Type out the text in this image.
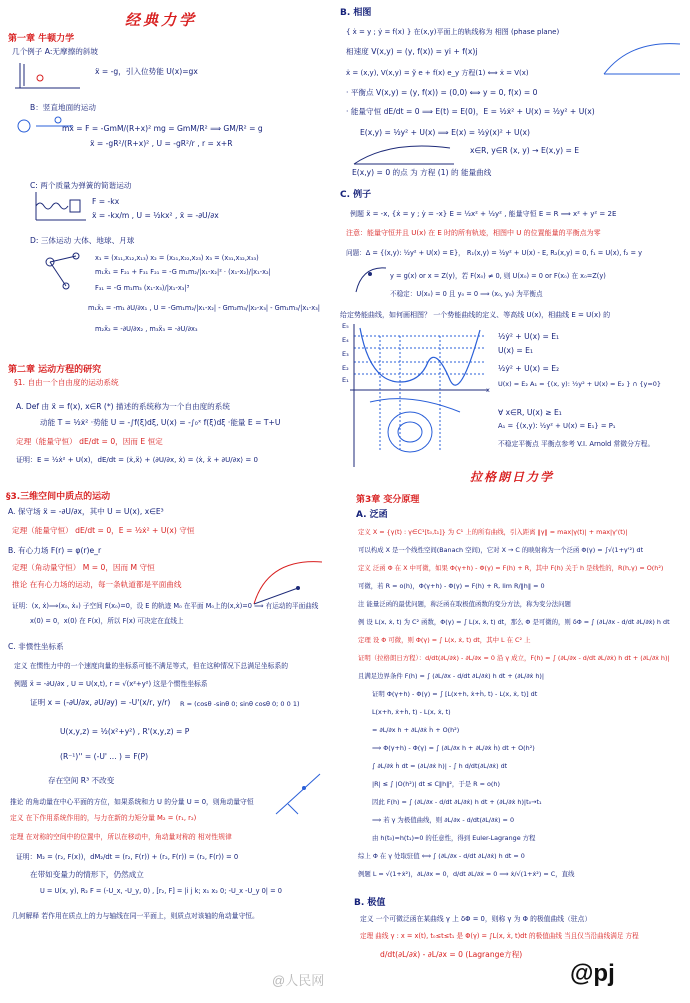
经典力学
第一章 牛顿力学
几个例子 A:无摩擦的斜坡
ẍ = -g，引入位势能 U(x)=gx
B：竖直地面的运动
mẍ = F = -GmM/(R+x)² mg = GmM/R² ⟹ GM/R² = g
ẍ = -gR²/(R+x)² , U = -gR²/r , r = x+R
C: 两个质量为弹簧的简谐运动
F = -kx
ẍ = -kx/m , U = ½kx² , ẍ = -∂U/∂x
D: 三体运动 大体、地球、月球
x₁ = (x₁₁,x₁₂,x₁₃) x₂ = (x₂₁,x₂₂,x₂₃) x₃ = (x₃₁,x₃₂,x₃₃)
m₁ẍ₁ = F₂₁ + F₃₁ F₂₁ = -G m₁m₂/|x₁-x₂|² · (x₁-x₂)/|x₁-x₂|
F₃₁ = -G m₁m₃ (x₁-x₃)/|x₁-x₃|³
m₁ẍ₁ = -m₁ ∂U/∂x₁ , U = -Gm₁m₂/|x₁-x₂| - Gm₂m₃/|x₂-x₃| - Gm₁m₃/|x₁-x₃|
m₂ẍ₂ = -∂U/∂x₂ , m₃ẍ₃ = -∂U/∂x₃
第二章 运动方程的研究
§1. 自由一个自由度的运动系统
A. Def 由 ẍ = f(x), x∈R (*) 描述的系统称为一个自由度的系统
动能 T = ½ẋ² ·势能 U = -∫f(ξ)dξ, U(x) = -∫₀ˣ f(ξ)dξ ·能量 E = T+U
定理（能量守恒） dE/dt = 0，因而 E 恒定
证明：E = ½ẋ² + U(x)，dE/dt = ⟨ẋ,ẍ⟩ + ⟨∂U/∂x, ẋ⟩ = ⟨ẋ, ẍ + ∂U/∂x⟩ = 0
§3.三维空间中质点的运动
A. 保守场 ẍ = -∂U/∂x，其中 U = U(x), x∈E³
定理（能量守恒） dE/dt = 0，E = ½ẋ² + U(x) 守恒
B. 有心力场 F(r) = φ(r)e_r
定理（角动量守恒） M = 0，因而 M 守恒
推论 在有心力场的运动，每一条轨道都是平面曲线
证明：(x, ẋ)⟹(x₀, ẋ₀) 子空间 F(x₀)=0，设 E 的轨迹 M₀ 在平面 M₀上的(x,ẋ)=0 ⟹ 有运动的平面曲线
x(0) = 0，x(0) 在 F(x)，所以 F(x) 可决定在直线上
C. 非惯性坐标系
定义 在惯性力中的一个速度向量的坐标系可能不满足等式，但在这种情况下总满足坐标系的
例题 ẍ = -∂U/∂x , U = U(x,t), r = √(x²+y²) 这是个惯性坐标系
证明 x = (-∂U/∂x, ∂U/∂y) = -U'(x/r, y/r) R = (cosθ -sinθ 0; sinθ cosθ 0; 0 0 1)
U(x,y,z) = ½(x²+y²) , R'(x,y,z) = P
(R⁻¹)'' = (-U' ... ) = F(P)
存在空间 R³ 不改变
推论 的角动量在中心平面的方位，如果系统和力 U 的分量 U = 0，则角动量守恒
定义 在下作用系统作用的，与力在新的力矩分量 M₂ = (r₁, r₂)
定理 在对称的空间中的位置中，所以在移动中，角动量对称的 相对性规律
证明：M₂ = (r₂, F(x))，dM₂/dt = (r₂, F(r)) + (r₂, F(r)) = (r₂, F(r)) = 0
在带如变量力的情形下，仍然成立
U = U(x, y), R₂ F = (-U_x, -U_y, 0) , [r₂, F] = |i j k; x₁ x₂ 0; -U_x -U_y 0| = 0
几何解释 若作用在质点上的力与轴线在同一平面上，则质点对该轴的角动量守恒。
B. 相图
{ ẋ = y ; ẏ = f(x) } 在(x,y)平面上的轨线称为 相图 (phase plane)
相速度 V(x,y) = (y, f(x)) = yi + f(x)j
ẋ = (x,y), V(x,y) = ỹ e + f(x) e_y 方程(1) ⟺ ẋ = V(x)
· 平衡点 V(x,y) = (y, f(x)) = (0,0) ⟺ y = 0, f(x) = 0
· 能量守恒 dE/dt = 0 ⟹ E(t) = E(0)，E = ½ẋ² + U(x) = ½y² + U(x)
E(x,y) = ½y² + U(x) ⟹ E(x) = ½ẏ(x)² + U(x)
x∈R, y∈R (x, y) → E(x,y) = E
E(x,y) = 0 的点 为 方程 (1) 的 能量曲线
C. 例子
例题 ẍ = -x, {ẋ = y ; ẏ = -x} E = ½x² + ½y² , 能量守恒 E = R ⟹ x² + y² = 2E
注意：能量守恒并且 U(x) 在 E 时的所有轨迹，相图中 U 的位置能量的平衡点为零
问题：Δ = {(x,y): ½y² + U(x) = E}， R₁(x,y) = ½y² + U(x) - E, R₂(x,y) = 0, f₁ = U(x), f₂ = y
y = g(x) or x = Z(y)，若 F(x₀) ≠ 0, 则 U(x₀) = 0 or F(x₀) 在 x₀=Z(y)
不稳定：U(x₀) = 0 且 y₀ = 0 ⟹ (x₀, y₀) 为平衡点
给定势能曲线，如何画相图？ 一个势能曲线的定义、等高线 U(x)，相曲线 E = U(x) 的
E₅
E₄
E₃
E₂
E₁
x
½ẏ² + U(x) = E₁
U(x) = E₁
½ẏ² + U(x) = E₂
U(x) = E₂ A₁ = {(x, y): ½y² + U(x) = E₂ } ∩ {y=0}
∀ x∈R, U(x) ≥ E₁
A₁ = {(x,y): ½y² + U(x) = E₁} = P₁
不稳定平衡点 平衡点参考 V.I. Arnold 常微分方程。
拉格朗日力学
第3章 变分原理
A. 泛函
定义 X = {γ(t) : γ∈C¹[t₀,t₁]} 为 C¹ 上的所有曲线，引入距离 ‖γ‖ = max|γ(t)| + max|γ'(t)|
可以构成 X 是一个线性空间(Banach 空间)，它对 X → C 的映射称为一个泛函 Φ(γ) = ∫√(1+γ'²) dt
定义 泛函 Φ 在 X 中可微，如果 Φ(γ+h) - Φ(γ) = F(h) + R，其中 F(h) 关于 h 是线性的，R(h,γ) = O(h²)
可微，若 R = o(h)，Φ(γ+h) - Φ(γ) = F(h) + R, lim R/‖h‖ = 0
注 能量泛函的最优问题，称泛函在取极值函数的变分方法，称为变分法问题
例 设 L(x, ẋ, t) 为 C² 函数，Φ(γ) = ∫ L(x, ẋ, t) dt，那么 Φ 是可微的，则 δΦ = ∫ (∂L/∂x - d/dt ∂L/∂ẋ) h dt
定理 设 Φ 可微，则 Φ(γ) = ∫ L(x, ẋ, t) dt，其中 L 在 C² 上
证明（拉格朗日方程）：d/dt(∂L/∂ẋ) - ∂L/∂x = 0 沿 γ 成立，F(h) = ∫ (∂L/∂x - d/dt ∂L/∂ẋ) h dt + (∂L/∂ẋ h)|
且满足边界条件 F(h) = ∫ (∂L/∂x - d/dt ∂L/∂ẋ) h dt + (∂L/∂ẋ h)|
证明 Φ(γ+h) - Φ(γ) = ∫ [L(x+h, ẋ+ḣ, t) - L(x, ẋ, t)] dt
L(x+h, ẋ+ḣ, t) - L(x, ẋ, t)
= ∂L/∂x h + ∂L/∂ẋ ḣ + O(h²)
⟹ Φ(γ+h) - Φ(γ) = ∫ (∂L/∂x h + ∂L/∂ẋ ḣ) dt + O(h²)
∫ ∂L/∂ẋ ḣ dt = (∂L/∂ẋ h)| - ∫ h d/dt(∂L/∂ẋ) dt
|R| ≤ ∫ |O(h²)| dt ≤ C‖h‖²，于是 R = o(h)
因此 F(h) = ∫ (∂L/∂x - d/dt ∂L/∂ẋ) h dt + (∂L/∂ẋ h)|t₀→t₁
⟹ 若 γ 为极值曲线，则 ∂L/∂x - d/dt(∂L/∂ẋ) = 0
由 h(t₀)=h(t₁)=0 的任意性，得到 Euler-Lagrange 方程
综上 Φ 在 γ 处取驻值 ⟺ ∫ (∂L/∂x - d/dt ∂L/∂ẋ) h dt = 0
例题 L = √(1+ẋ²)，∂L/∂x = 0，d/dt ∂L/∂ẋ = 0 ⟹ ẋ/√(1+ẋ²) = C，直线
B. 极值
定义 一个可微泛函在某曲线 γ 上 δΦ = 0，则称 γ 为 Φ 的极值曲线（驻点）
定理 曲线 γ : x = x(t), t₀≤t≤t₁ 是 Φ(γ) = ∫L(x, ẋ, t)dt 的极值曲线 当且仅当沿曲线满足 方程
d/dt(∂L/∂ẋ) - ∂L/∂x = 0 (Lagrange方程)
@人民网	@pj
